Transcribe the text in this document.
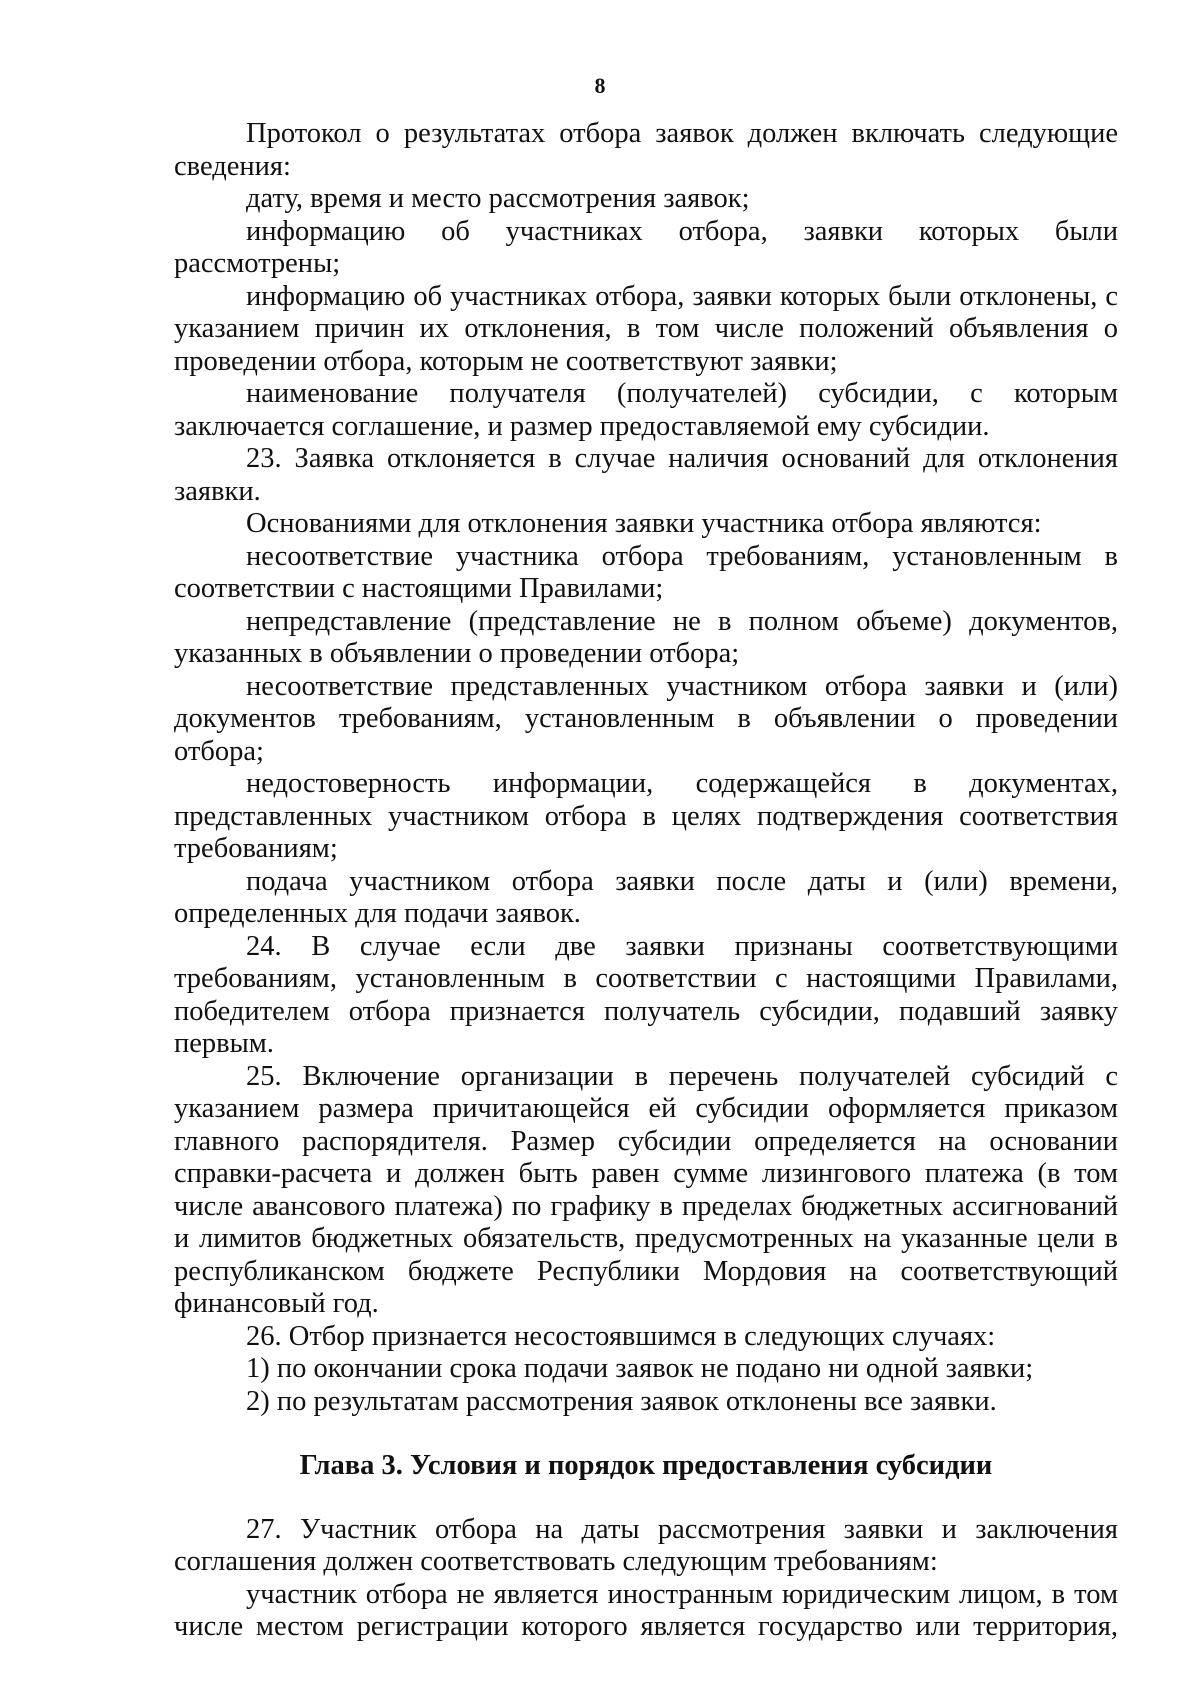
8

Протокол о результатах отбора заявок должен включать следующие сведения:

дату, время и место рассмотрения заявок;

информацию об участниках отбора, заявки которых были рассмотрены;

информацию об участниках отбора, заявки которых были отклонены, с указанием причин их отклонения, в том числе положений объявления о проведении отбора, которым не соответствуют заявки;

наименование получателя (получателей) субсидии, с которым заключается соглашение, и размер предоставляемой ему субсидии.

23. Заявка отклоняется в случае наличия оснований для отклонения заявки.

Основаниями для отклонения заявки участника отбора являются:

несоответствие участника отбора требованиям, установленным в соответствии с настоящими Правилами;

непредставление (представление не в полном объеме) документов, указанных в объявлении о проведении отбора;

несоответствие представленных участником отбора заявки и (или) документов требованиям, установленным в объявлении о проведении отбора;

недостоверность информации, содержащейся в документах, представленных участником отбора в целях подтверждения соответствия требованиям;

подача участником отбора заявки после даты и (или) времени, определенных для подачи заявок.

24. В случае если две заявки признаны соответствующими требованиям, установленным в соответствии с настоящими Правилами, победителем отбора признается получатель субсидии, подавший заявку первым.

25. Включение организации в перечень получателей субсидий с указанием размера причитающейся ей субсидии оформляется приказом главного распорядителя. Размер субсидии определяется на основании справки-расчета и должен быть равен сумме лизингового платежа (в том числе авансового платежа) по графику в пределах бюджетных ассигнований и лимитов бюджетных обязательств, предусмотренных на указанные цели в республиканском бюджете Республики Мордовия на соответствующий финансовый год.

26. Отбор признается несостоявшимся в следующих случаях:

1) по окончании срока подачи заявок не подано ни одной заявки;

2) по результатам рассмотрения заявок отклонены все заявки.

Глава 3. Условия и порядок предоставления субсидии

27. Участник отбора на даты рассмотрения заявки и заключения соглашения должен соответствовать следующим требованиям:

участник отбора не является иностранным юридическим лицом, в том числе местом регистрации которого является государство или территория,
